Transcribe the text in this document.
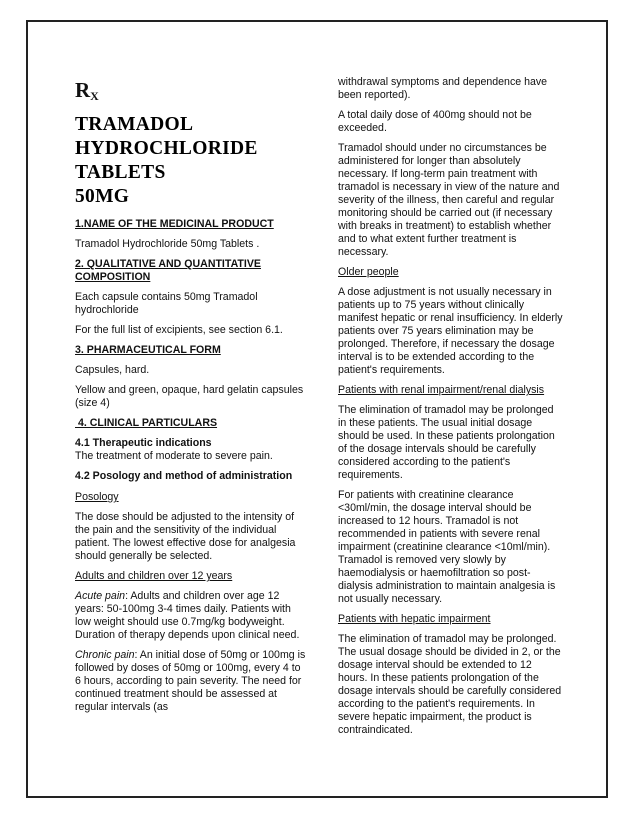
$R_X$
TRAMADOL
HYDROCHLORIDE
TABLETS
50MG
1.NAME OF THE MEDICINAL PRODUCT

Tramadol Hydrochloride 50mg Tablets .

2. QUALITATIVE AND QUANTITATIVE COMPOSITION

Each capsule contains 50mg Tramadol hydrochloride

For the full list of excipients, see section 6.1.

3. PHARMACEUTICAL FORM

Capsules, hard.

Yellow and green, opaque, hard gelatin capsules (size 4)

4. CLINICAL PARTICULARS
4.1 Therapeutic indications

The treatment of moderate to severe pain.

4.2 Posology and method of administration
Posology

The dose should be adjusted to the intensity of the pain and the sensitivity of the individual patient. The lowest effective dose for analgesia should generally be selected.

Adults and children over 12 years

Acute pain: Adults and children over age 12 years: 50-100mg 3-4 times daily. Patients with low weight should use 0.7mg/kg bodyweight. Duration of therapy depends upon clinical need.

Chronic pain: An initial dose of 50mg or 100mg is followed by doses of 50mg or 100mg, every 4 to 6 hours, according to pain severity. The need for continued treatment should be assessed at regular intervals (as

withdrawal symptoms and dependence have been reported).

A total daily dose of 400mg should not be exceeded.

Tramadol should under no circumstances be administered for longer than absolutely necessary. If long-term pain treatment with tramadol is necessary in view of the nature and severity of the illness, then careful and regular monitoring should be carried out (if necessary with breaks in treatment) to establish whether and to what extent further treatment is necessary.

Older people

A dose adjustment is not usually necessary in patients up to 75 years without clinically manifest hepatic or renal insufficiency. In elderly patients over 75 years elimination may be prolonged. Therefore, if necessary the dosage interval is to be extended according to the patient's requirements.

Patients with renal impairment/renal dialysis

The elimination of tramadol may be prolonged in these patients. The usual initial dosage should be used. In these patients prolongation of the dosage intervals should be carefully considered according to the patient's requirements.

For patients with creatinine clearance <30ml/min, the dosage interval should be increased to 12 hours. Tramadol is not recommended in patients with severe renal impairment (creatinine clearance <10ml/min). Tramadol is removed very slowly by haemodialysis or haemofiltration so post-dialysis administration to maintain analgesia is not usually necessary.

Patients with hepatic impairment

The elimination of tramadol may be prolonged. The usual dosage should be divided in 2, or the dosage interval should be extended to 12 hours. In these patients prolongation of the dosage intervals should be carefully considered according to the patient's requirements. In severe hepatic impairment, the product is contraindicated.
